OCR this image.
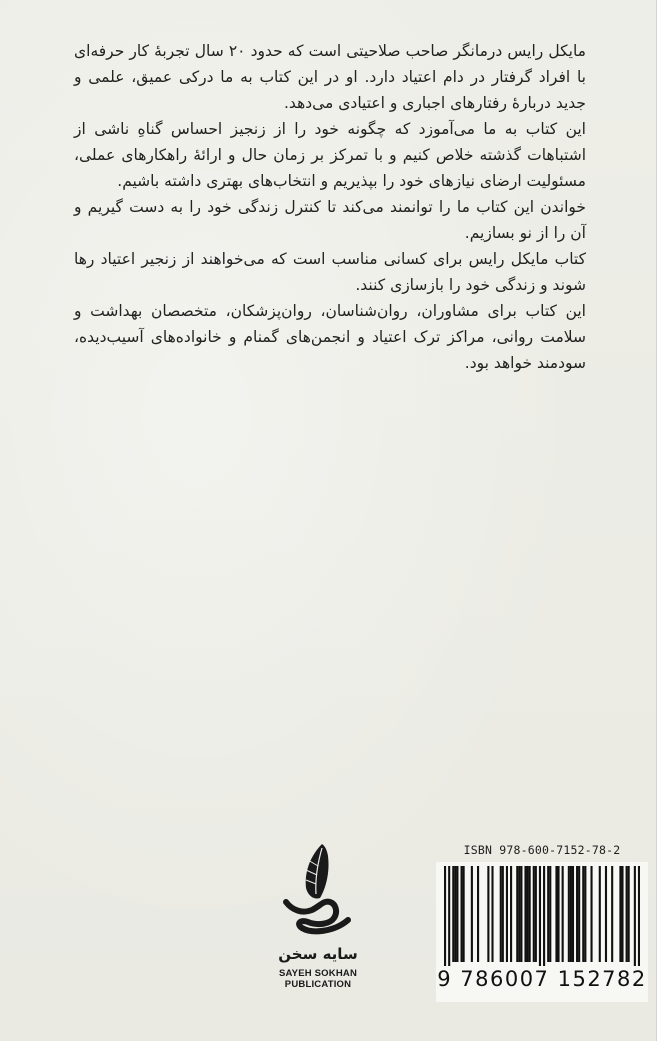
مایکل رایس درمانگر صاحب صلاحیتی است که حدود ۲۰ سال تجربهٔ کار حرفه‌ای با افراد گرفتار در دام اعتیاد دارد. او در این کتاب به ما درکی عمیق، علمی و جدید دربارهٔ رفتارهای اجباری و اعتیادی می‌دهد.

این کتاب به ما می‌آموزد که چگونه خود را از زنجیز احساس گناهِ ناشی از اشتباهات گذشته خلاص کنیم و با تمرکز بر زمان حال و ارائهٔ راهکارهای عملی، مسئولیت ارضای نیازهای خود را بپذیریم و انتخاب‌های بهتری داشته باشیم.

خواندن این کتاب ما را توانمند می‌کند تا کنترل زندگی خود را به دست گیریم و آن را از نو بسازیم.

کتاب مایکل رایس برای کسانی مناسب است که می‌خواهند از زنجیر اعتیاد رها شوند و زندگی خود را بازسازی کنند.

این کتاب برای مشاوران، روان‌شناسان، روان‌پزشکان، متخصصان بهداشت و سلامت روانی، مراکز ترک اعتیاد و انجمن‌های گمنام و خانواده‌های آسیب‌دیده، سودمند خواهد بود.

سایه سخن
SAYEH SOKHAN
PUBLICATION
ISBN 978-600-7152-78-2
9 786007 152782
